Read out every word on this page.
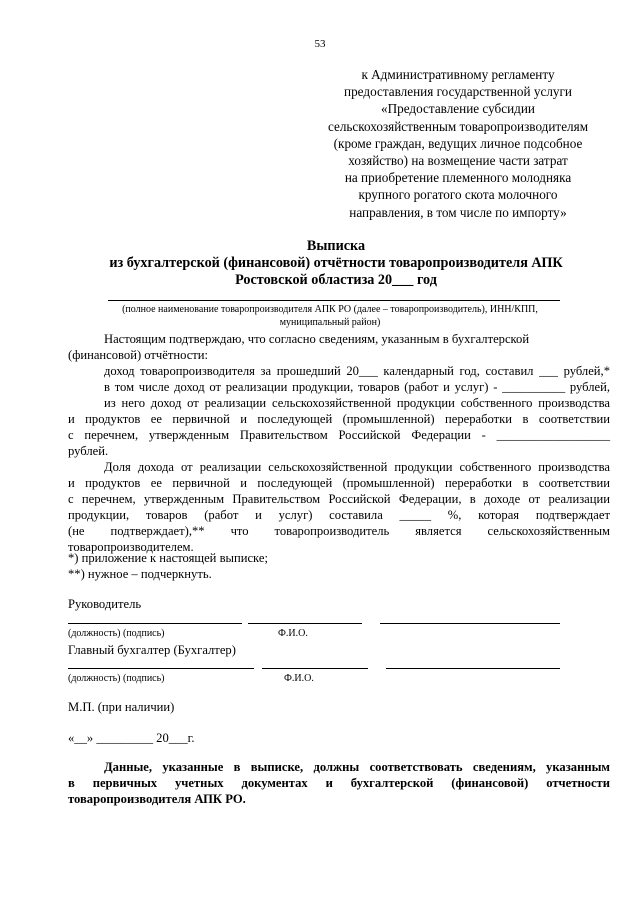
53
к Административному регламенту
предоставления государственной услуги
«Предоставление субсидии
сельскохозяйственным товаропроизводителям
(кроме граждан, ведущих личное подсобное
хозяйство) на возмещение части затрат
на приобретение племенного молодняка
крупного рогатого скота молочного
направления, в том числе по импорту»
Выписка
из бухгалтерской (финансовой) отчётности товаропроизводителя АПК
Ростовской областиза 20___ год
(полное наименование товаропроизводителя АПК РО (далее – товаропроизводитель), ИНН/КПП,
муниципальный район)
Настоящим подтверждаю, что согласно сведениям, указанным в бухгалтерской
(финансовой) отчётности:
доход товаропроизводителя за прошедший 20___ календарный год, составил ___ рублей,*
в том числе доход от реализации продукции, товаров (работ и услуг) - __________ рублей,
из него доход от реализации сельскохозяйственной продукции собственного производства
и продуктов ее первичной и последующей (промышленной) переработки в соответствии
с перечнем, утвержденным Правительством Российской Федерации - __________________
рублей.
Доля дохода от реализации сельскохозяйственной продукции собственного производства
и продуктов ее первичной и последующей (промышленной) переработки в соответствии
с перечнем, утвержденным Правительством Российской Федерации, в доходе от реализации
продукции, товаров (работ и услуг) составила _____ %, которая подтверждает
(не подтверждает),** что товаропроизводитель является сельскохозяйственным
товаропроизводителем.
*) приложение к настоящей выписке;
**) нужное – подчеркнуть.
Руководитель
(должность) (подпись)	Ф.И.О.
Главный бухгалтер (Бухгалтер)
(должность) (подпись)	Ф.И.О.
М.П. (при наличии)
«__» _________ 20___г.
Данные, указанные в выписке, должны соответствовать сведениям, указанным
в первичных учетных документах и бухгалтерской (финансовой) отчетности
товаропроизводителя АПК РО.
